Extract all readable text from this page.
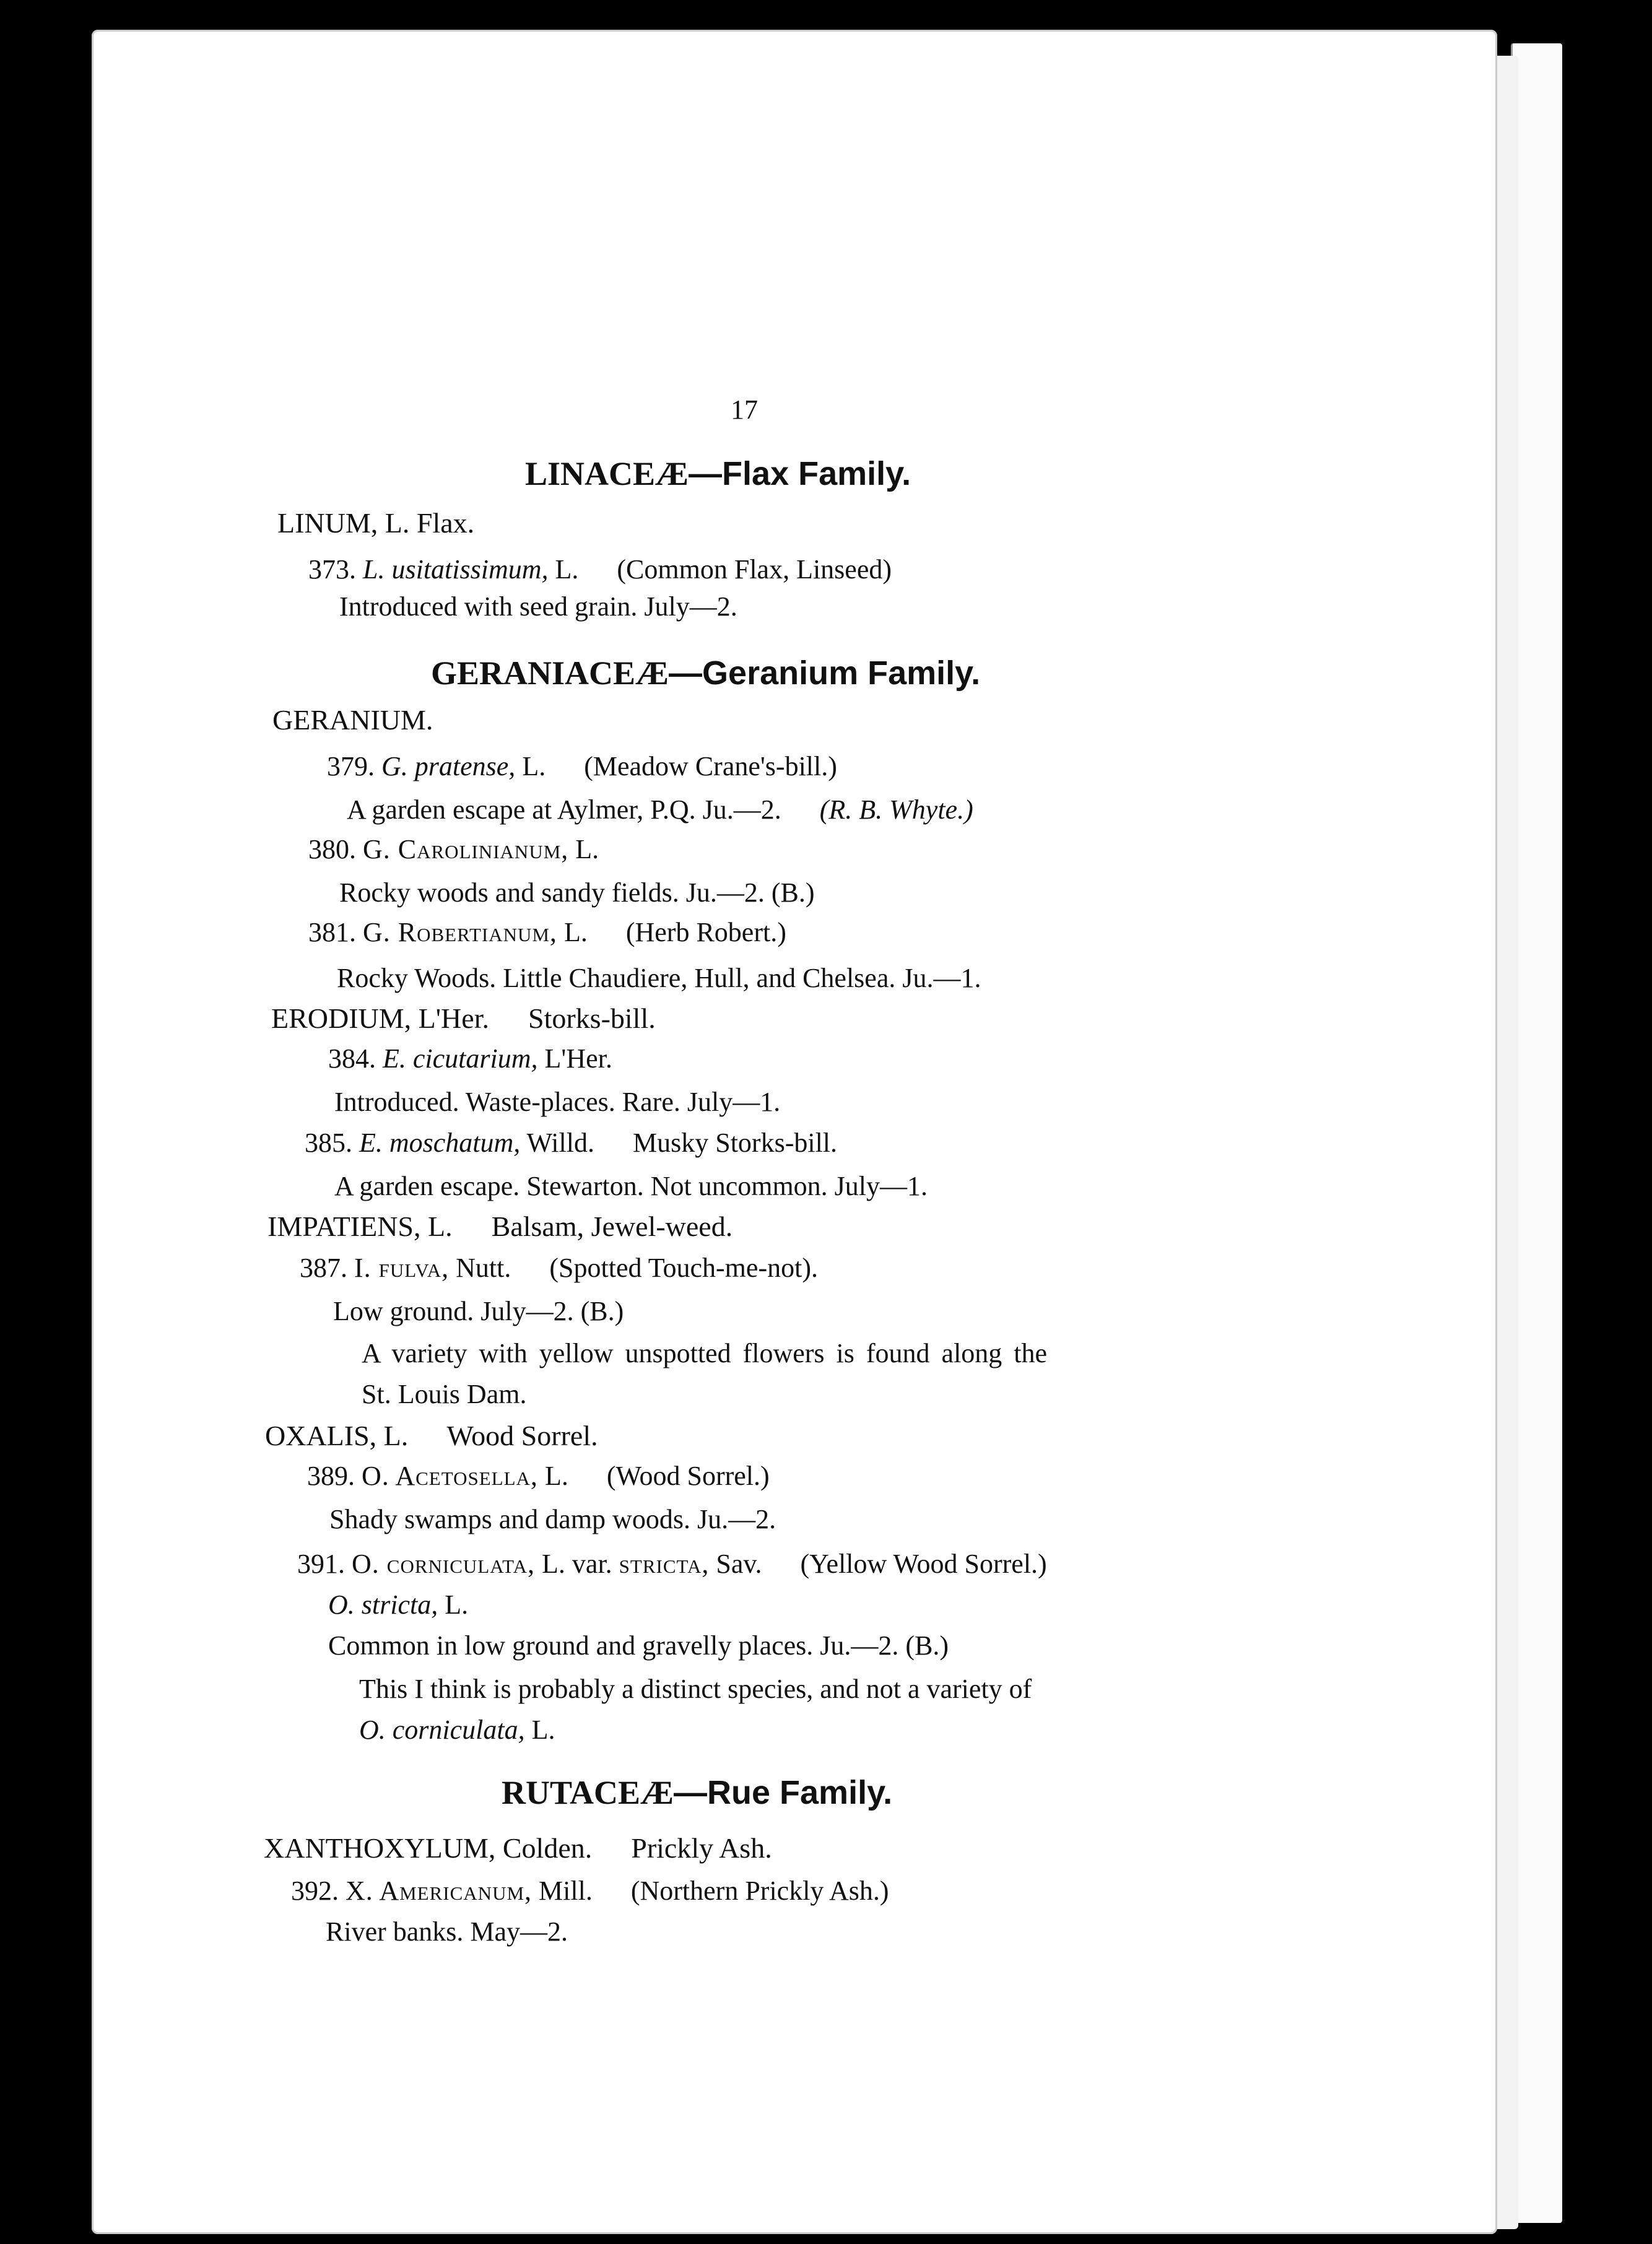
17
LINACEÆ—Flax Family.
LINUM, L. Flax.
373. L. usitatissimum, L. (Common Flax, Linseed)
Introduced with seed grain. July—2.
GERANIACEÆ—Geranium Family.
GERANIUM.
379. G. pratense, L. (Meadow Crane's-bill.)
A garden escape at Aylmer, P.Q. Ju.—2. (R. B. Whyte.)
380. G. Carolinianum, L.
Rocky woods and sandy fields. Ju.—2. (B.)
381. G. Robertianum, L. (Herb Robert.)
Rocky Woods. Little Chaudiere, Hull, and Chelsea. Ju.—1.
ERODIUM, L'Her. Storks-bill.
384. E. cicutarium, L'Her.
Introduced. Waste-places. Rare. July—1.
385. E. moschatum, Willd. Musky Storks-bill.
A garden escape. Stewarton. Not uncommon. July—1.
IMPATIENS, L. Balsam, Jewel-weed.
387. I. fulva, Nutt. (Spotted Touch-me-not).
Low ground. July—2. (B.)
A variety with yellow unspotted flowers is found along the
St. Louis Dam.
OXALIS, L. Wood Sorrel.
389. O. Acetosella, L. (Wood Sorrel.)
Shady swamps and damp woods. Ju.—2.
391. O. corniculata, L. var. stricta, Sav. (Yellow Wood Sorrel.)
O. stricta, L.
Common in low ground and gravelly places. Ju.—2. (B.)
This I think is probably a distinct species, and not a variety of
O. corniculata, L.
RUTACEÆ—Rue Family.
XANTHOXYLUM, Colden. Prickly Ash.
392. X. Americanum, Mill. (Northern Prickly Ash.)
River banks. May—2.
